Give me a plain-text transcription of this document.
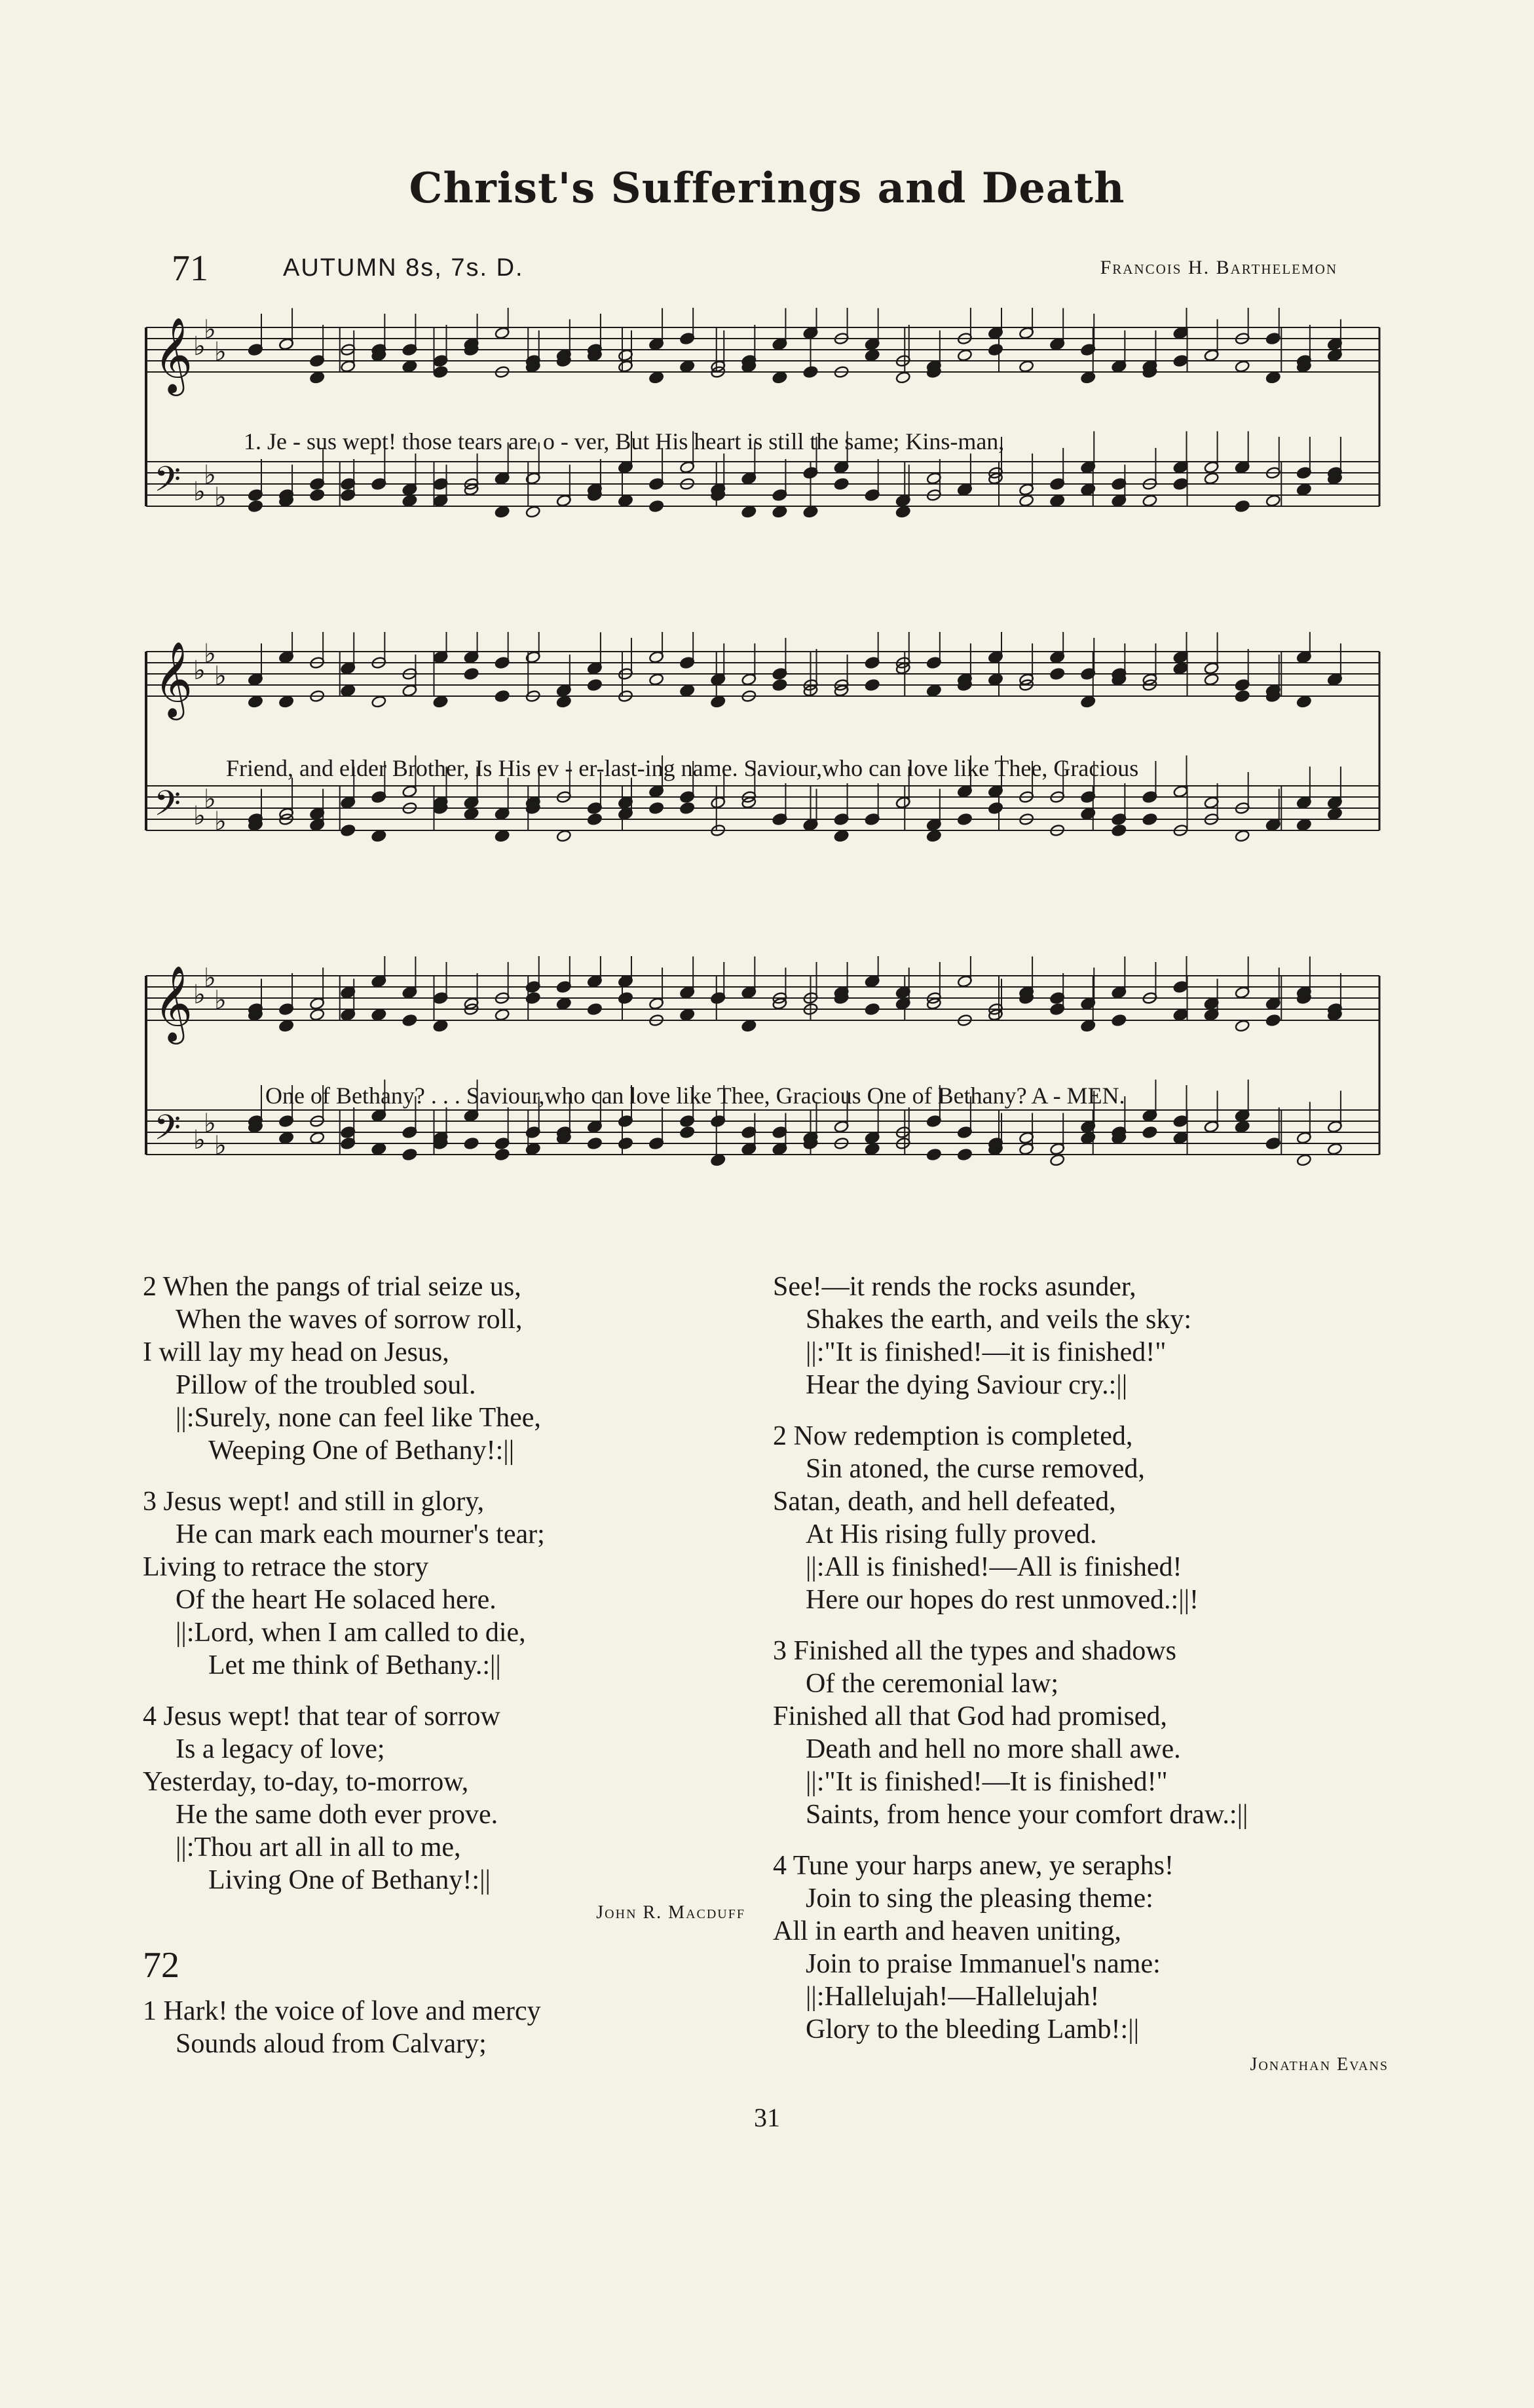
Christ's Sufferings and Death
71	AUTUMN 8s, 7s. D.	Francois H. Barthelemon
𝄞 ♭
♭
♭
𝄢 ♭
♭
♭
1. Je - sus wept! those tears are o - ver, But His heart is still the same; Kins-man,
𝄞 ♭
♭
♭
𝄢 ♭
♭
♭
Friend, and elder Brother, Is His ev - er-last-ing name. Saviour,who can love like Thee, Gracious
𝄞 ♭
♭
♭
𝄢 ♭
♭
♭
One of Bethany? . . . Saviour,who can love like Thee, Gracious One of Bethany? A - MEN.
2 When the pangs of trial seize us,
When the waves of sorrow roll,
I will lay my head on Jesus,
Pillow of the troubled soul.
||:Surely, none can feel like Thee,
Weeping One of Bethany!:||
3 Jesus wept! and still in glory,
He can mark each mourner's tear;
Living to retrace the story
Of the heart He solaced here.
||:Lord, when I am called to die,
Let me think of Bethany.:||
4 Jesus wept! that tear of sorrow
Is a legacy of love;
Yesterday, to-day, to-morrow,
He the same doth ever prove.
||:Thou art all in all to me,
Living One of Bethany!:||
John R. Macduff
72
1 Hark! the voice of love and mercy
Sounds aloud from Calvary;
See!—it rends the rocks asunder,
Shakes the earth, and veils the sky:
||:"It is finished!—it is finished!"
Hear the dying Saviour cry.:||
2 Now redemption is completed,
Sin atoned, the curse removed,
Satan, death, and hell defeated,
At His rising fully proved.
||:All is finished!—All is finished!
Here our hopes do rest unmoved.:||!
3 Finished all the types and shadows
Of the ceremonial law;
Finished all that God had promised,
Death and hell no more shall awe.
||:"It is finished!—It is finished!"
Saints, from hence your comfort draw.:||
4 Tune your harps anew, ye seraphs!
Join to sing the pleasing theme:
All in earth and heaven uniting,
Join to praise Immanuel's name:
||:Hallelujah!—Hallelujah!
Glory to the bleeding Lamb!:||
Jonathan Evans
31
